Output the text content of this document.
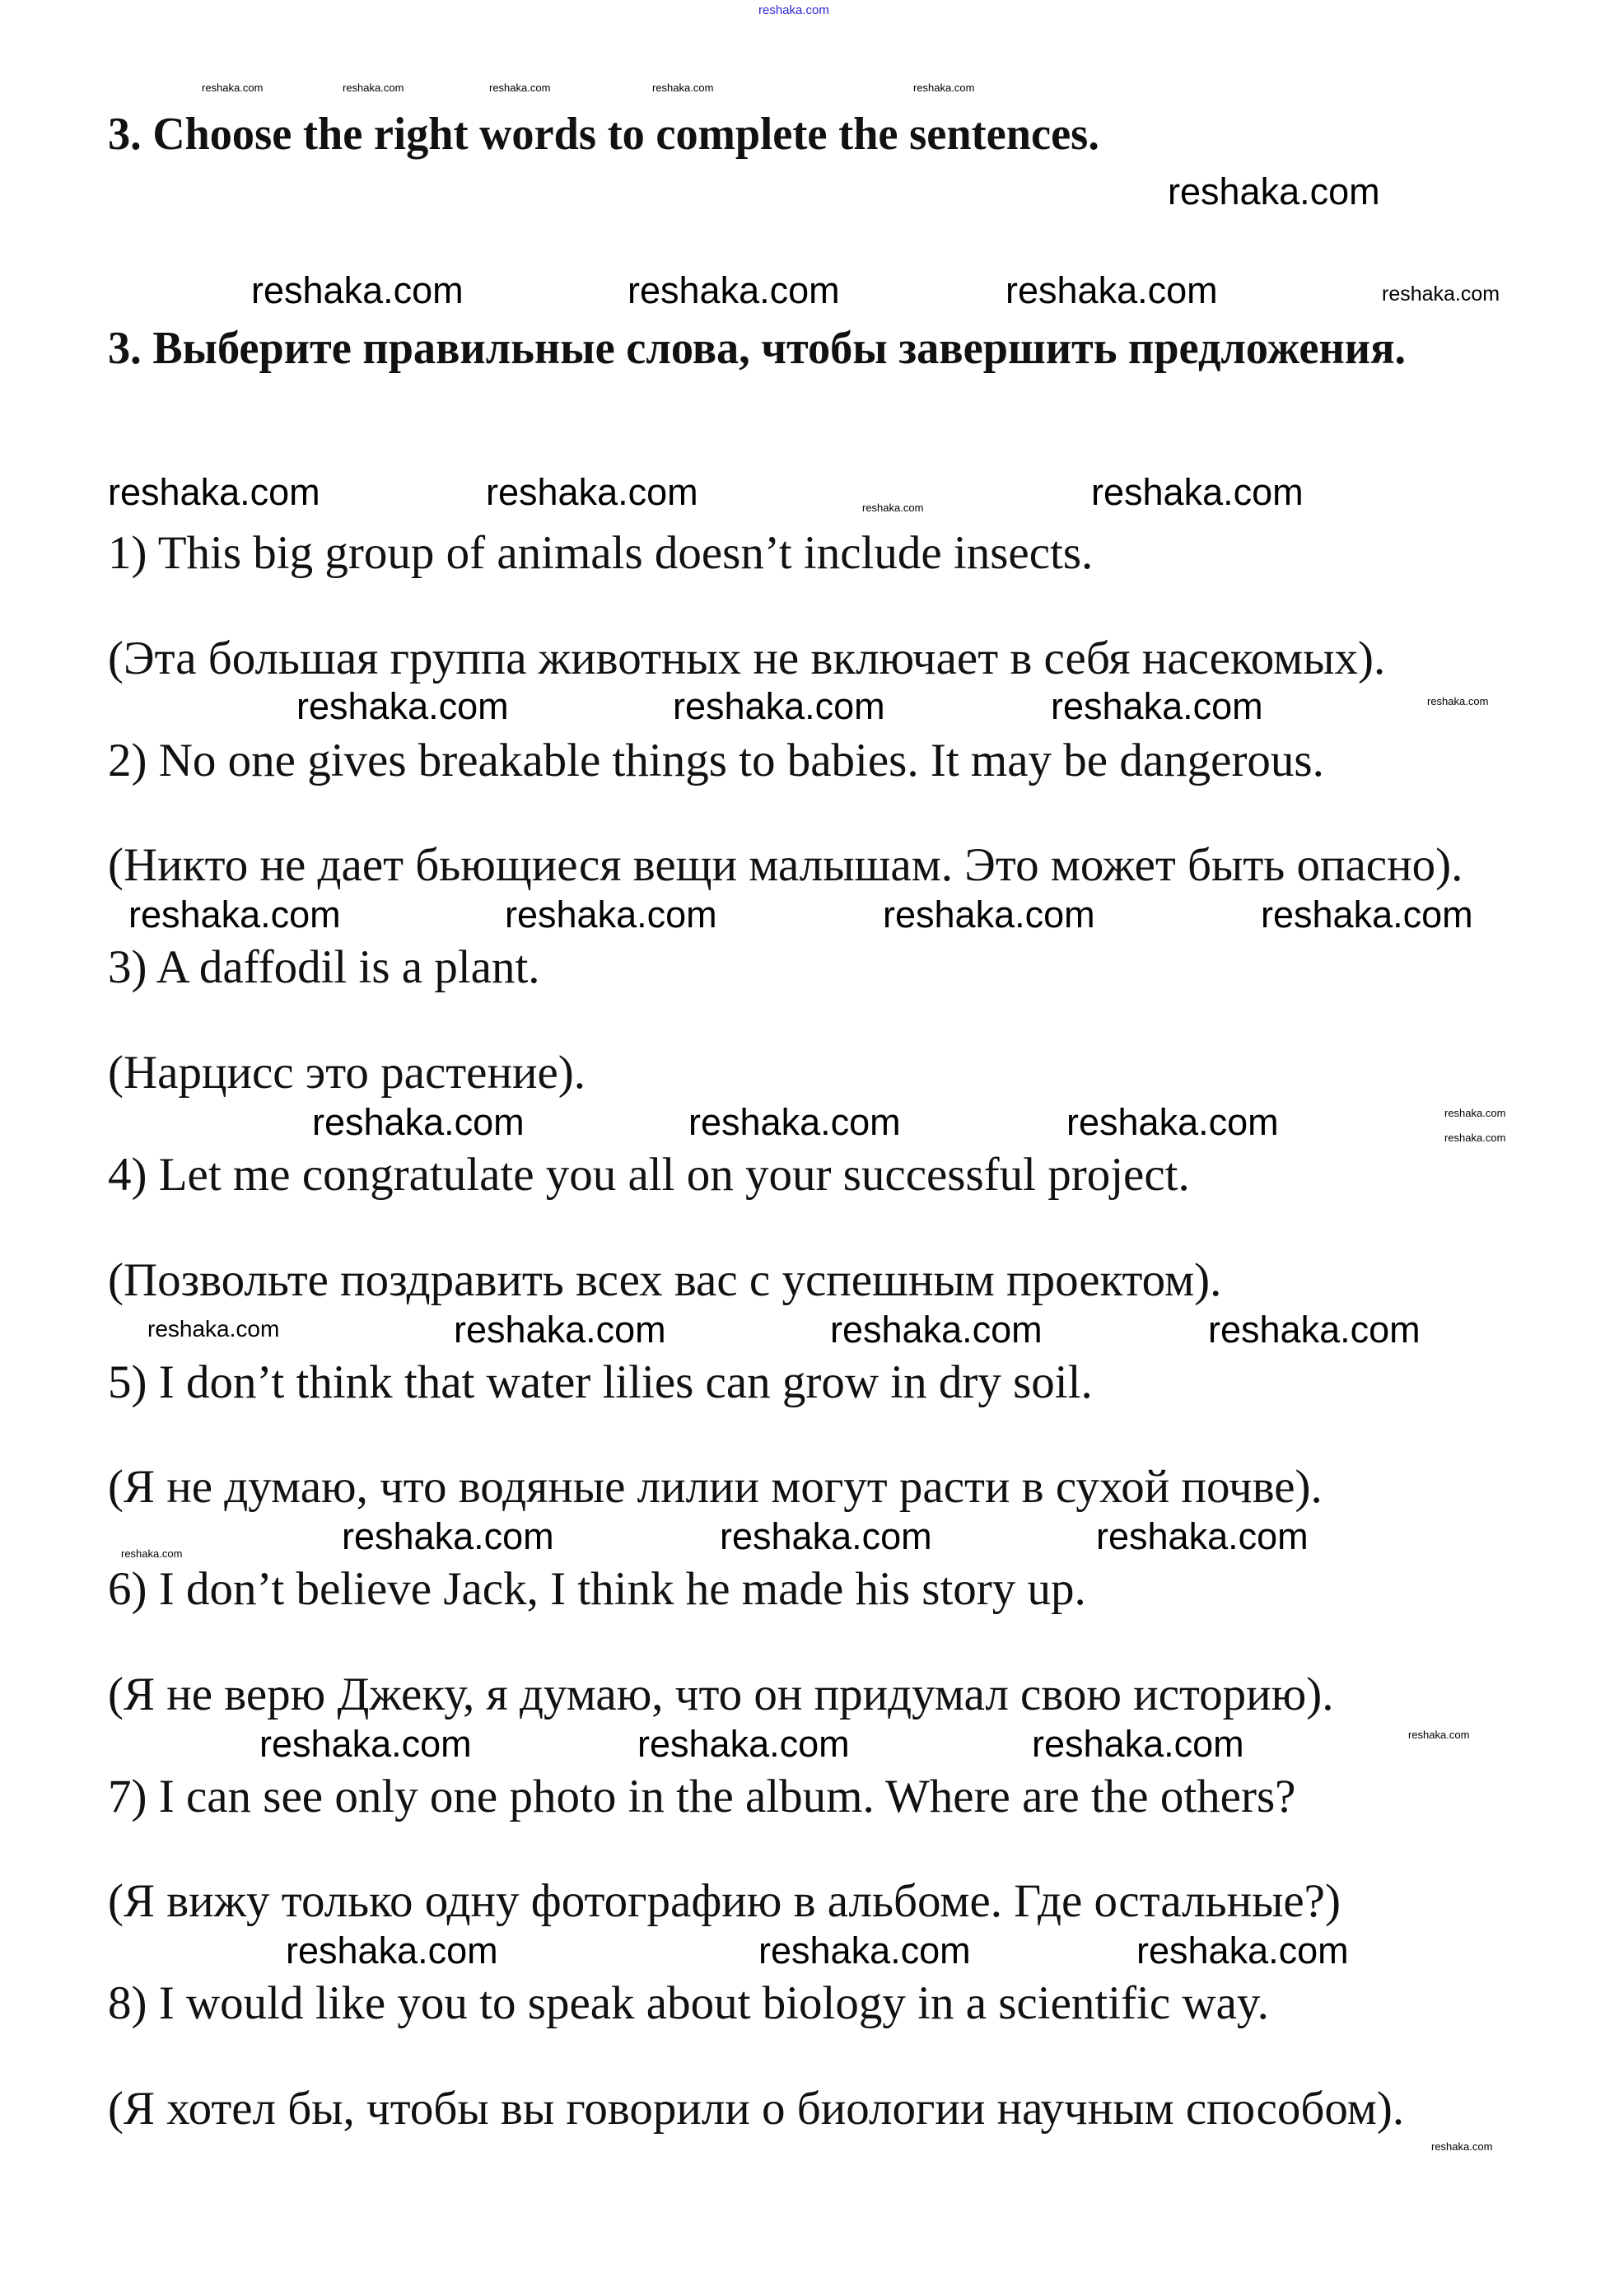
3. Choose the right words to complete the sentences.
3. Выберите правильные слова, чтобы завершить предложения.
1) This big group of animals doesn’t include insects.
(Эта большая группа животных не включает в себя насекомых).
2) No one gives breakable things to babies. It may be dangerous.
(Никто не дает бьющиеся вещи малышам. Это может быть опасно).
3) A daffodil is a plant.
(Нарцисс это растение).
4) Let me congratulate you all on your successful project.
(Позвольте поздравить всех вас с успешным проектом).
5) I don’t think that water lilies can grow in dry soil.
(Я не думаю, что водяные лилии могут расти в сухой почве).
6) I don’t believe Jack, I think he made his story up.
(Я не верю Джеку, я думаю, что он придумал свою историю).
7) I can see only one photo in the album. Where are the others?
(Я вижу только одну фотографию в альбоме. Где остальные?)
8) I would like you to speak about biology in a scientific way.
(Я хотел бы, чтобы вы говорили о биологии научным способом).
reshaka.com
reshaka.com	reshaka.com	reshaka.com	reshaka.com	reshaka.com
reshaka.com
reshaka.com	reshaka.com	reshaka.com	reshaka.com
reshaka.com	reshaka.com	reshaka.com	reshaka.com
reshaka.com	reshaka.com	reshaka.com	reshaka.com
reshaka.com	reshaka.com	reshaka.com	reshaka.com
reshaka.com
reshaka.com
reshaka.com	reshaka.com	reshaka.com
reshaka.com	reshaka.com
reshaka.com	reshaka.com
reshaka.com	reshaka.com	reshaka.com	reshaka.com
reshaka.com
reshaka.com	reshaka.com	reshaka.com
reshaka.com	reshaka.com	reshaka.com
reshaka.com
